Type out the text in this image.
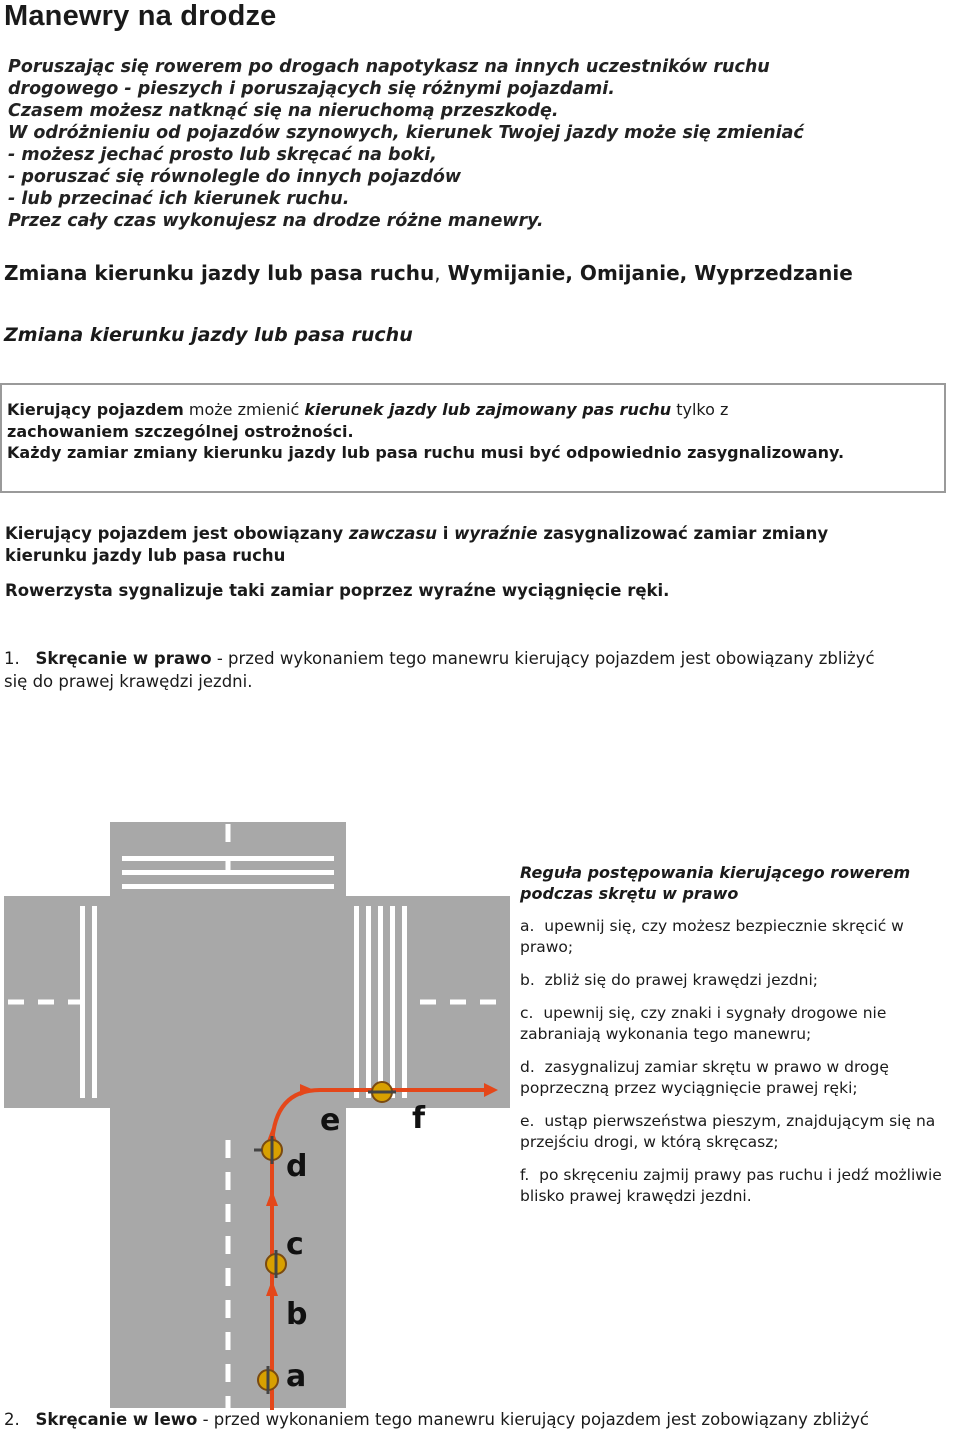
Manewry na drodze
Poruszając się rowerem po drogach napotykasz na innych uczestników ruchu
drogowego - pieszych i poruszających się różnymi pojazdami.
Czasem możesz natknąć się na nieruchomą przeszkodę.
W odróżnieniu od pojazdów szynowych, kierunek Twojej jazdy może się zmieniać
- możesz jechać prosto lub skręcać na boki,
- poruszać się równolegle do innych pojazdów
- lub przecinać ich kierunek ruchu.
Przez cały czas wykonujesz na drodze różne manewry.
Zmiana kierunku jazdy lub pasa ruchu, Wymijanie, Omijanie, Wyprzedzanie
Zmiana kierunku jazdy lub pasa ruchu
Kierujący pojazdem może zmienić kierunek jazdy lub zajmowany pas ruchu tylko z
zachowaniem szczególnej ostrożności.
Każdy zamiar zmiany kierunku jazdy lub pasa ruchu musi być odpowiednio zasygnalizowany.
Kierujący pojazdem jest obowiązany zawczasu i wyraźnie zasygnalizować zamiar zmiany
kierunku jazdy lub pasa ruchu
Rowerzysta sygnalizuje taki zamiar poprzez wyraźne wyciągnięcie ręki.
1. Skręcanie w prawo - przed wykonaniem tego manewru kierujący pojazdem jest obowiązany zbliżyć
się do prawej krawędzi jezdni.
a
b
c
d
e f
Reguła postępowania kierującego rowerem podczas skrętu w prawo
a. upewnij się, czy możesz bezpiecznie skręcić w prawo;
b. zbliż się do prawej krawędzi jezdni;
c. upewnij się, czy znaki i sygnały drogowe nie zabraniają wykonania tego manewru;
d. zasygnalizuj zamiar skrętu w prawo w drogę poprzeczną przez wyciągnięcie prawej ręki;
e. ustąp pierwszeństwa pieszym, znajdującym się na przejściu drogi, w którą skręcasz;
f. po skręceniu zajmij prawy pas ruchu i jedź możliwie blisko prawej krawędzi jezdni.
2. Skręcanie w lewo - przed wykonaniem tego manewru kierujący pojazdem jest zobowiązany zbliżyć
